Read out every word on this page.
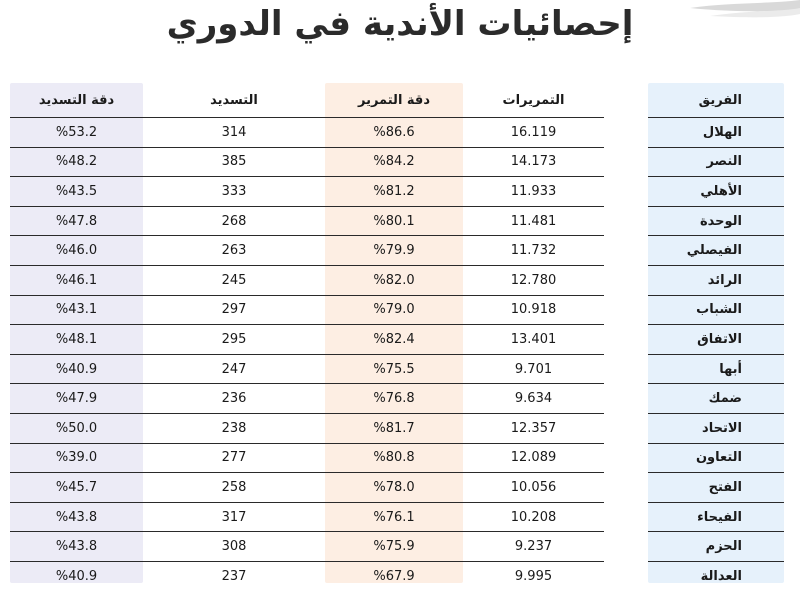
إحصائيات الأندية في الدوري
الفريق		التمريرات	دقة التمرير	التسديد	دقة التسديد
الهلال		16.119	%86.6	314	%53.2
النصر		14.173	%84.2	385	%48.2
الأهلي		11.933	%81.2	333	%43.5
الوحدة		11.481	%80.1	268	%47.8
الفيصلي		11.732	%79.9	263	%46.0
الرائد		12.780	%82.0	245	%46.1
الشباب		10.918	%79.0	297	%43.1
الاتفاق		13.401	%82.4	295	%48.1
أبها		9.701	%75.5	247	%40.9
ضمك		9.634	%76.8	236	%47.9
الاتحاد		12.357	%81.7	238	%50.0
التعاون		12.089	%80.8	277	%39.0
الفتح		10.056	%78.0	258	%45.7
الفيحاء		10.208	%76.1	317	%43.8
الحزم		9.237	%75.9	308	%43.8
العدالة		9.995	%67.9	237	%40.9
